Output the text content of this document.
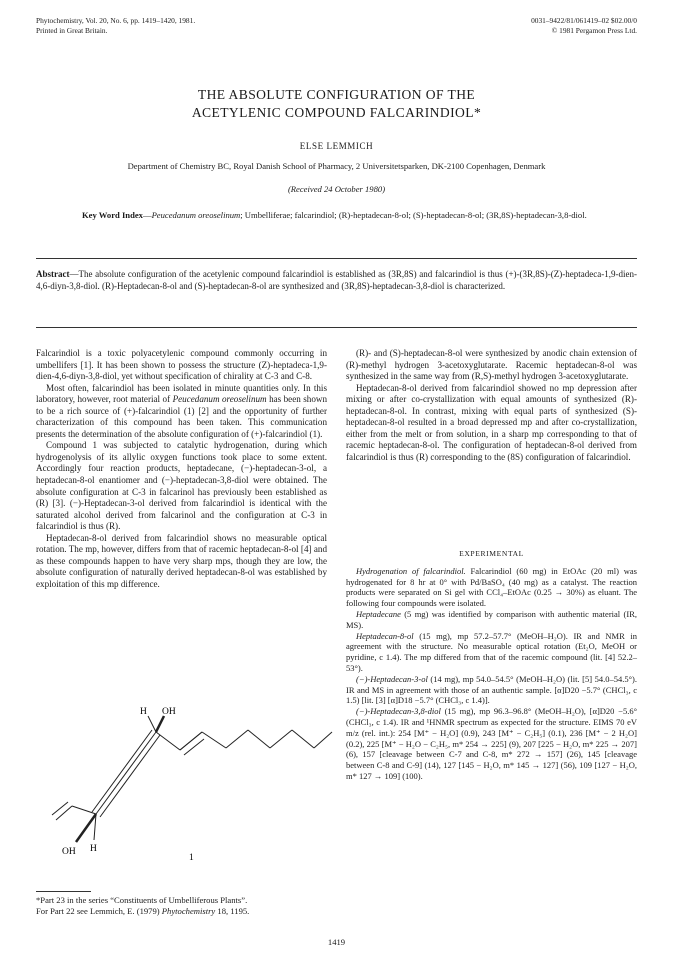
Phytochemistry, Vol. 20, No. 6, pp. 1419–1420, 1981.
Printed in Great Britain.
0031–9422/81/061419–02 $02.00/0
© 1981 Pergamon Press Ltd.
THE ABSOLUTE CONFIGURATION OF THE
ACETYLENIC COMPOUND FALCARINDIOL*
ELSE LEMMICH
Department of Chemistry BC, Royal Danish School of Pharmacy, 2 Universitetsparken, DK-2100 Copenhagen, Denmark
(Received 24 October 1980)
Key Word Index—Peucedanum oreoselinum; Umbelliferae; falcarindiol; (R)-heptadecan-8-ol; (S)-heptadecan-8-ol; (3R,8S)-heptadecan-3,8-diol.
Abstract—The absolute configuration of the acetylenic compound falcarindiol is established as (3R,8S) and falcarindiol is thus (+)-(3R,8S)-(Z)-heptadeca-1,9-dien-4,6-diyn-3,8-diol. (R)-Heptadecan-8-ol and (S)-heptadecan-8-ol are synthesized and (3R,8S)-heptadecan-3,8-diol is characterized.

Falcarindiol is a toxic polyacetylenic compound commonly occurring in umbellifers [1]. It has been shown to possess the structure (Z)-heptadeca-1,9-dien-4,6-diyn-3,8-diol, yet without specification of chirality at C-3 and C-8.

Most often, falcarindiol has been isolated in minute quantities only. In this laboratory, however, root material of Peucedanum oreoselinum has been shown to be a rich source of (+)-falcarindiol (1) [2] and the opportunity of further characterization of this compound has been taken. This communication presents the determination of the absolute configuration of (+)-falcarindiol (1).

Compound 1 was subjected to catalytic hydrogenation, during which hydrogenolysis of its allylic oxygen functions took place to some extent. Accordingly four reaction products, heptadecane, (−)-heptadecan-3-ol, a heptadecan-8-ol enantiomer and (−)-heptadecan-3,8-diol were obtained. The absolute configuration at C-3 in falcarinol has previously been established as (R) [3]. (−)-Heptadecan-3-ol derived from falcarindiol is identical with the saturated alcohol derived from falcarinol and the configuration at C-3 in falcarindiol is thus (R).

Heptadecan-8-ol derived from falcarindiol shows no measurable optical rotation. The mp, however, differs from that of racemic heptadecan-8-ol [4] and as these compounds happen to have very sharp mps, though they are low, the absolute configuration of naturally derived heptadecan-8-ol was established by exploitation of this mp difference.

H OH
OH H
1

(R)- and (S)-heptadecan-8-ol were synthesized by anodic chain extension of (R)-methyl hydrogen 3-acetoxyglutarate. Racemic heptadecan-8-ol was synthesized in the same way from (R,S)-methyl hydrogen 3-acetoxyglutarate.

Heptadecan-8-ol derived from falcarindiol showed no mp depression after mixing or after co-crystallization with equal amounts of synthesized (R)-heptadecan-8-ol. In contrast, mixing with equal parts of synthesized (S)-heptadecan-8-ol resulted in a broad depressed mp and after co-crystallization, either from the melt or from solution, in a sharp mp corresponding to that of racemic heptadecan-8-ol. The configuration of heptadecan-8-ol derived from falcarindiol is thus (R) corresponding to the (8S) configuration of falcarindiol.

EXPERIMENTAL

Hydrogenation of falcarindiol. Falcarindiol (60 mg) in EtOAc (20 ml) was hydrogenated for 8 hr at 0° with Pd/BaSO₄ (40 mg) as a catalyst. The reaction products were separated on Si gel with CCl₄–EtOAc (0.25 → 30%) as eluant. The following four compounds were isolated.

Heptadecane (5 mg) was identified by comparison with authentic material (IR, MS).

Heptadecan-8-ol (15 mg), mp 57.2–57.7° (MeOH–H₂O). IR and NMR in agreement with the structure. No measurable optical rotation (Et₂O, MeOH or pyridine, c 1.4). The mp differed from that of the racemic compound (lit. [4] 52.2–53°).

(−)-Heptadecan-3-ol (14 mg), mp 54.0–54.5° (MeOH–H₂O) (lit. [5] 54.0–54.5°). IR and MS in agreement with those of an authentic sample. [α]D20 −5.7° (CHCl₃, c 1.5) [lit. [3] [α]D18 −5.7° (CHCl₃, c 1.4)].

(−)-Heptadecan-3,8-diol (15 mg), mp 96.3–96.8° (MeOH–H₂O), [α]D20 −5.6° (CHCl₃, c 1.4). IR and ¹HNMR spectrum as expected for the structure. EIMS 70 eV m/z (rel. int.): 254 [M⁺ − H₂O] (0.9), 243 [M⁺ − C₂H₅] (0.1), 236 [M⁺ − 2 H₂O] (0.2), 225 [M⁺ − H₂O − C₂H₅, m* 254 → 225] (9), 207 [225 − H₂O, m* 225 → 207] (6), 157 [cleavage between C-7 and C-8, m* 272 → 157] (26), 145 [cleavage between C-8 and C-9] (14), 127 [145 − H₂O, m* 145 → 127] (56), 109 [127 − H₂O, m* 127 → 109] (100).

*Part 23 in the series “Constituents of Umbelliferous Plants”.
For Part 22 see Lemmich, E. (1979) Phytochemistry 18, 1195.
1419
